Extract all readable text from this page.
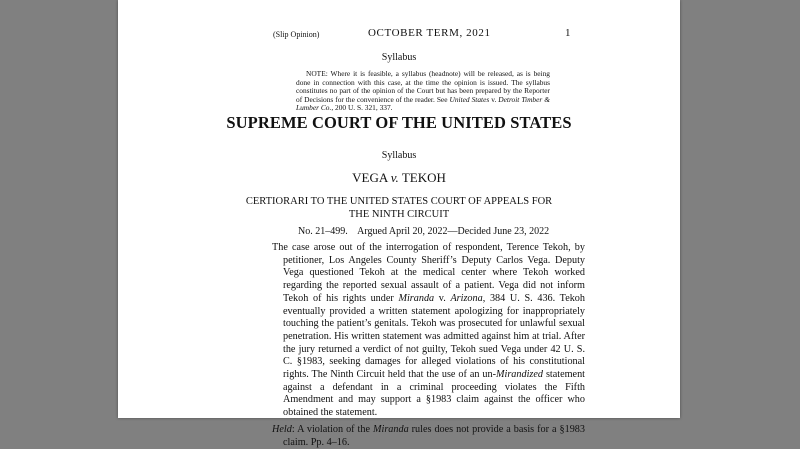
(Slip Opinion)	OCTOBER TERM, 2021	1
Syllabus

NOTE: Where it is feasible, a syllabus (headnote) will be released, as is being done in connection with this case, at the time the opinion is issued. The syllabus constitutes no part of the opinion of the Court but has been prepared by the Reporter of Decisions for the convenience of the reader. See United States v. Detroit Timber & Lumber Co., 200 U. S. 321, 337.

SUPREME COURT OF THE UNITED STATES
Syllabus
VEGA v. TEKOH
CERTIORARI TO THE UNITED STATES COURT OF APPEALS FOR
THE NINTH CIRCUIT
No. 21–499.    Argued April 20, 2022—Decided June 23, 2022

The case arose out of the interrogation of respondent, Terence Tekoh, by petitioner, Los Angeles County Sheriff’s Deputy Carlos Vega. Deputy Vega questioned Tekoh at the medical center where Tekoh worked regarding the reported sexual assault of a patient. Vega did not inform Tekoh of his rights under Miranda v. Arizona, 384 U. S. 436. Tekoh eventually provided a written statement apologizing for inappropriately touching the patient’s genitals. Tekoh was prosecuted for unlawful sexual penetration. His written statement was admitted against him at trial. After the jury returned a verdict of not guilty, Tekoh sued Vega under 42 U. S. C. §1983, seeking damages for alleged violations of his constitutional rights. The Ninth Circuit held that the use of an un-Mirandized statement against a defendant in a criminal proceeding violates the Fifth Amendment and may support a §1983 claim against the officer who obtained the statement.

Held: A violation of the Miranda rules does not provide a basis for a §1983 claim. Pp. 4–16.
